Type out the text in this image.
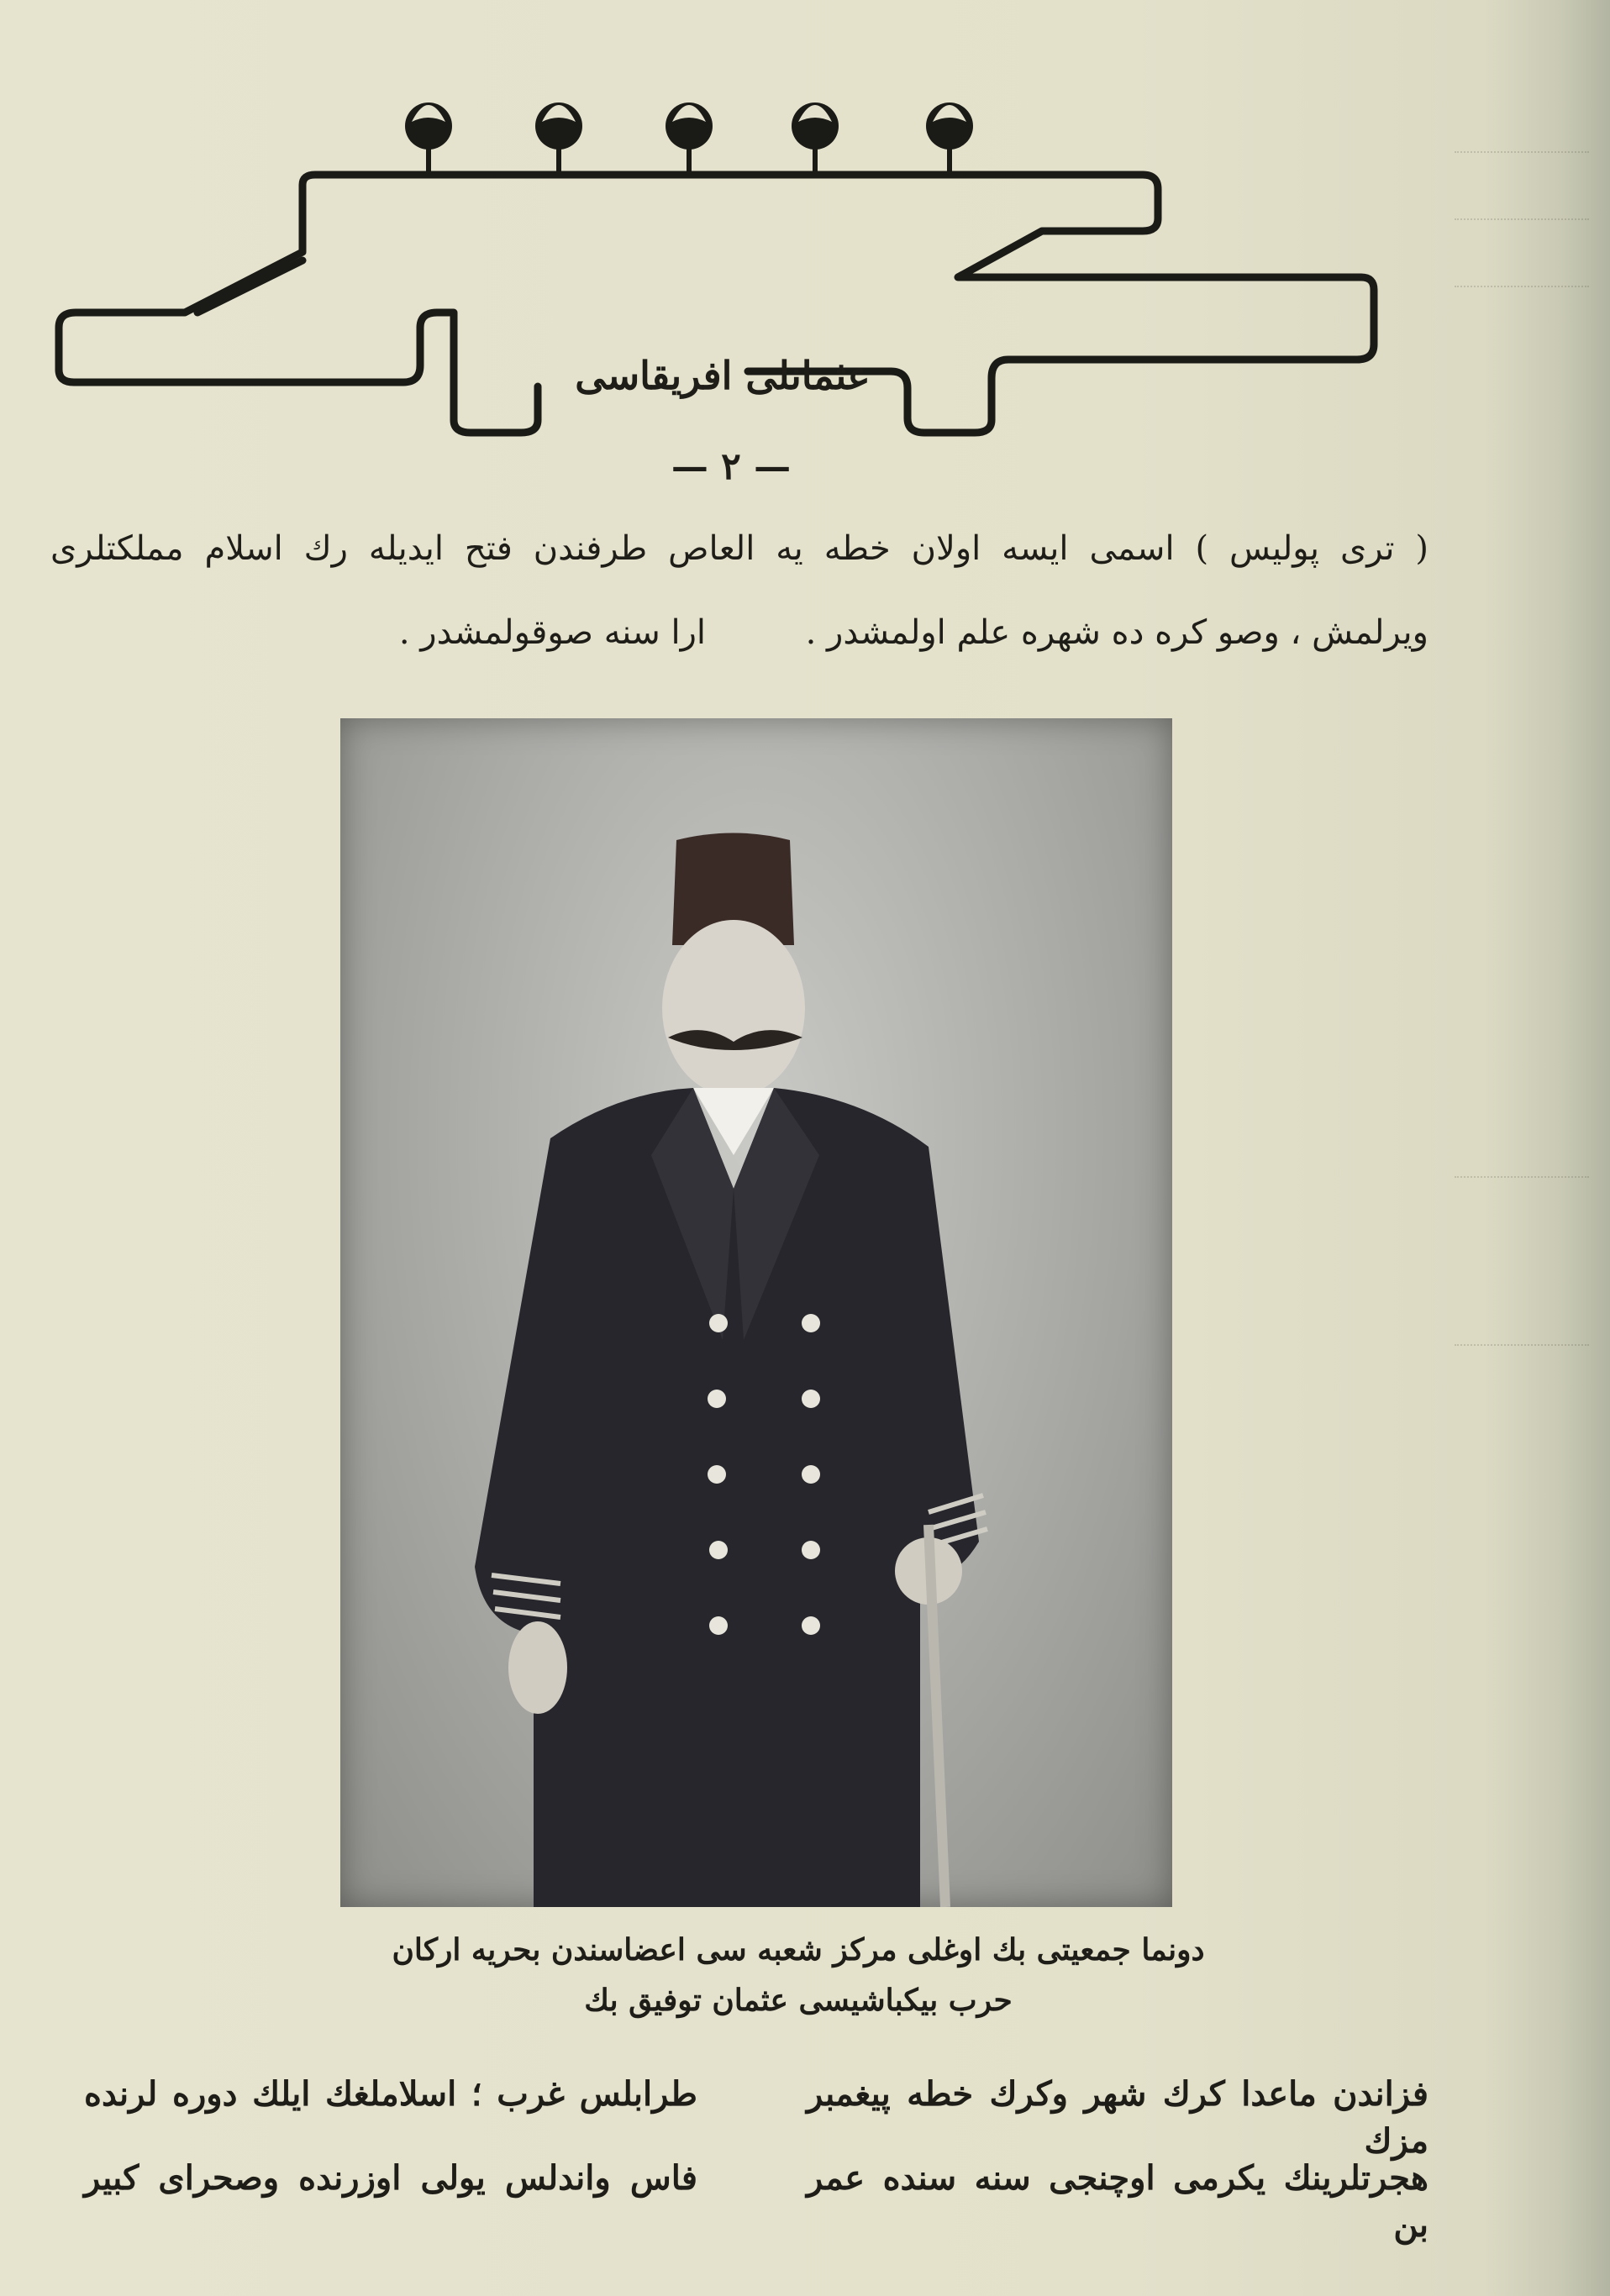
عثمانلى افريقاسى
— ٢ —
( ترى پوليس ) اسمى ايسه اولان خطه يه العاص طرفندن فتح ايديله رك اسلام مملكتلرى
ويرلمش ، وصو كره ده شهره علم اولمشدر .
ارا سنه صوقولمشدر .
دونما جمعيتى بك اوغلى مركز شعبه سى اعضاسندن بحريه اركان
حرب بيكباشيسى عثمان توفيق بك
فزاندن ماعدا كرك شهر وكرك خطه پيغمبر مزك
هجرتلرينك يكرمى اوچنجى سنه سنده عمر بن
طرابلس غرب ؛ اسلاملغك ايلك دوره لرنده
فاس واندلس يولى اوزرنده وصحراى كبير
